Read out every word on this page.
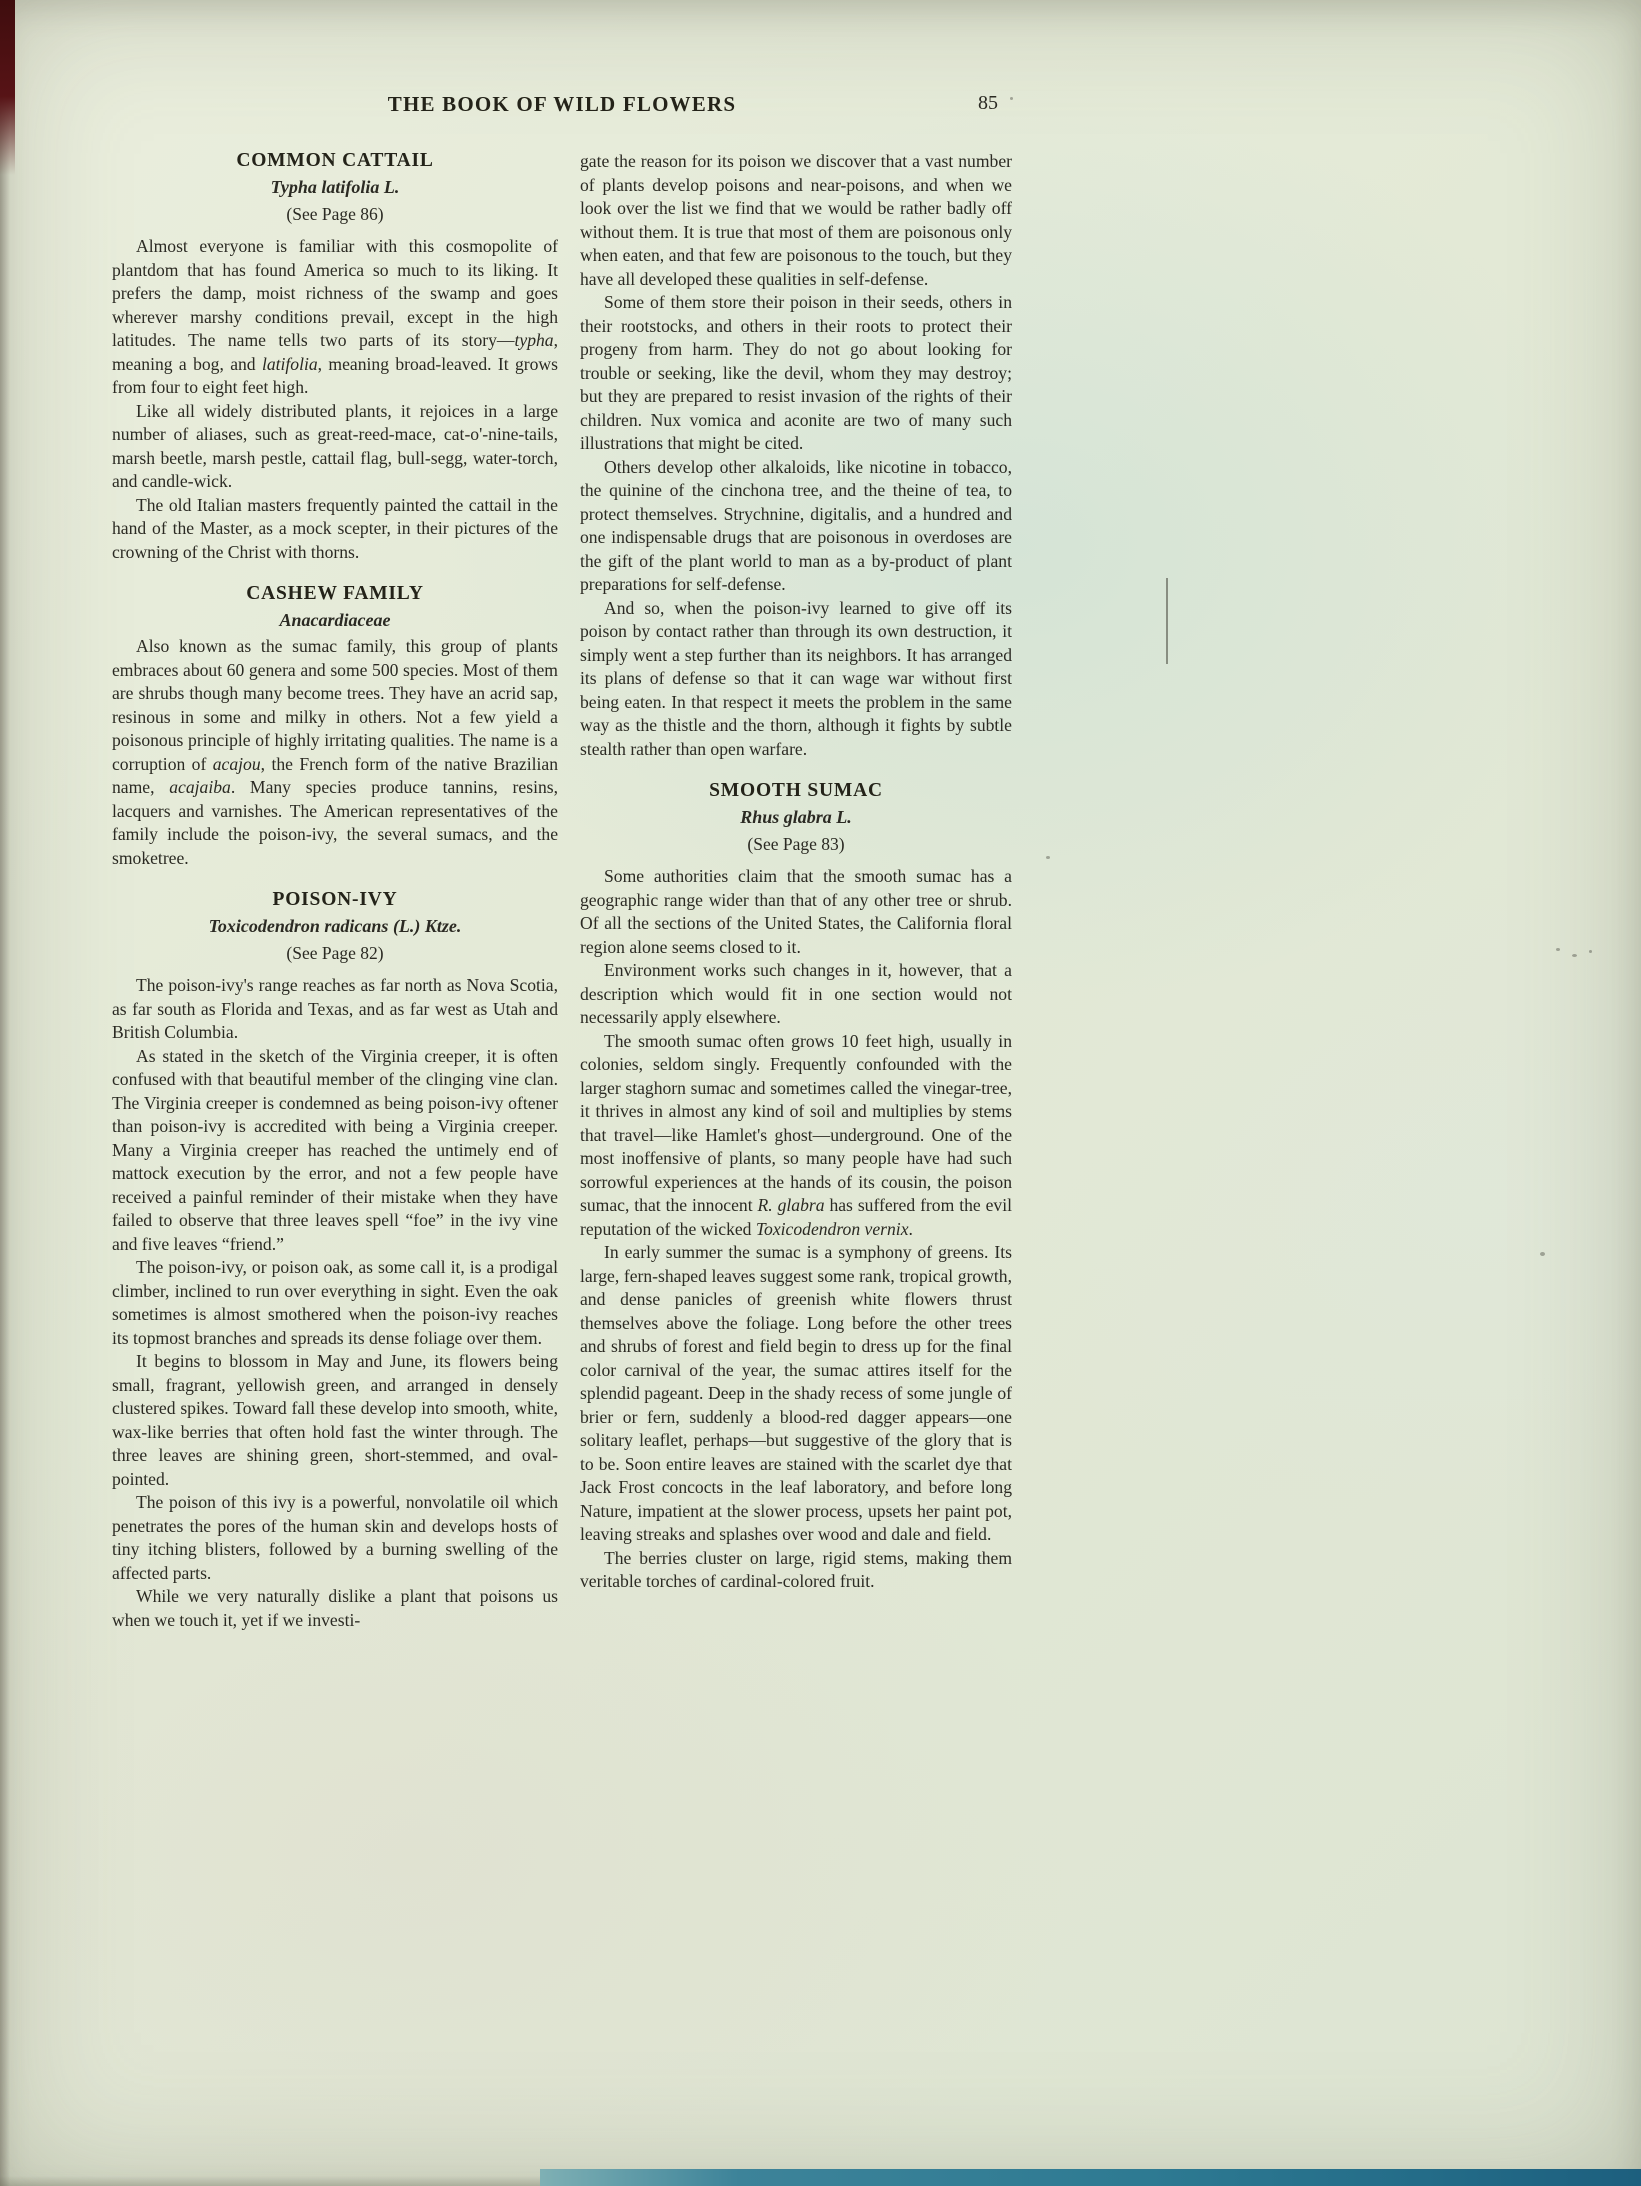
THE BOOK OF WILD FLOWERS	85
COMMON CATTAIL

Typha latifolia L.

(See Page 86)

Almost everyone is familiar with this cosmopolite of plantdom that has found America so much to its liking. It prefers the damp, moist richness of the swamp and goes wherever marshy conditions prevail, except in the high latitudes. The name tells two parts of its story—typha, meaning a bog, and latifolia, meaning broad-leaved. It grows from four to eight feet high.

Like all widely distributed plants, it rejoices in a large number of aliases, such as great-reed-mace, cat-o'-nine-tails, marsh beetle, marsh pestle, cattail flag, bull-segg, water-torch, and candle-wick.

The old Italian masters frequently painted the cattail in the hand of the Master, as a mock scepter, in their pictures of the crowning of the Christ with thorns.

CASHEW FAMILY

Anacardiaceae

Also known as the sumac family, this group of plants embraces about 60 genera and some 500 species. Most of them are shrubs though many become trees. They have an acrid sap, resinous in some and milky in others. Not a few yield a poisonous principle of highly irritating qualities. The name is a corruption of acajou, the French form of the native Brazilian name, acajaiba. Many species produce tannins, resins, lacquers and varnishes. The American representatives of the family include the poison-ivy, the several sumacs, and the smoketree.

POISON-IVY

Toxicodendron radicans (L.) Ktze.

(See Page 82)

The poison-ivy's range reaches as far north as Nova Scotia, as far south as Florida and Texas, and as far west as Utah and British Columbia.

As stated in the sketch of the Virginia creeper, it is often confused with that beautiful member of the clinging vine clan. The Virginia creeper is condemned as being poison-ivy oftener than poison-ivy is accredited with being a Virginia creeper. Many a Virginia creeper has reached the untimely end of mattock execution by the error, and not a few people have received a painful reminder of their mistake when they have failed to observe that three leaves spell “foe” in the ivy vine and five leaves “friend.”

The poison-ivy, or poison oak, as some call it, is a prodigal climber, inclined to run over everything in sight. Even the oak sometimes is almost smothered when the poison-ivy reaches its topmost branches and spreads its dense foliage over them.

It begins to blossom in May and June, its flowers being small, fragrant, yellowish green, and arranged in densely clustered spikes. Toward fall these develop into smooth, white, wax-like berries that often hold fast the winter through. The three leaves are shining green, short-stemmed, and oval-pointed.

The poison of this ivy is a powerful, nonvolatile oil which penetrates the pores of the human skin and develops hosts of tiny itching blisters, followed by a burning swelling of the affected parts.

While we very naturally dislike a plant that poisons us when we touch it, yet if we investi-

gate the reason for its poison we discover that a vast number of plants develop poisons and near-poisons, and when we look over the list we find that we would be rather badly off without them. It is true that most of them are poisonous only when eaten, and that few are poisonous to the touch, but they have all developed these qualities in self-defense.

Some of them store their poison in their seeds, others in their rootstocks, and others in their roots to protect their progeny from harm. They do not go about looking for trouble or seeking, like the devil, whom they may destroy; but they are prepared to resist invasion of the rights of their children. Nux vomica and aconite are two of many such illustrations that might be cited.

Others develop other alkaloids, like nicotine in tobacco, the quinine of the cinchona tree, and the theine of tea, to protect themselves. Strychnine, digitalis, and a hundred and one indispensable drugs that are poisonous in overdoses are the gift of the plant world to man as a by-product of plant preparations for self-defense.

And so, when the poison-ivy learned to give off its poison by contact rather than through its own destruction, it simply went a step further than its neighbors. It has arranged its plans of defense so that it can wage war without first being eaten. In that respect it meets the problem in the same way as the thistle and the thorn, although it fights by subtle stealth rather than open warfare.

SMOOTH SUMAC

Rhus glabra L.

(See Page 83)

Some authorities claim that the smooth sumac has a geographic range wider than that of any other tree or shrub. Of all the sections of the United States, the California floral region alone seems closed to it.

Environment works such changes in it, however, that a description which would fit in one section would not necessarily apply elsewhere.

The smooth sumac often grows 10 feet high, usually in colonies, seldom singly. Frequently confounded with the larger staghorn sumac and sometimes called the vinegar-tree, it thrives in almost any kind of soil and multiplies by stems that travel—like Hamlet's ghost—underground. One of the most inoffensive of plants, so many people have had such sorrowful experiences at the hands of its cousin, the poison sumac, that the innocent R. glabra has suffered from the evil reputation of the wicked Toxicodendron vernix.

In early summer the sumac is a symphony of greens. Its large, fern-shaped leaves suggest some rank, tropical growth, and dense panicles of greenish white flowers thrust themselves above the foliage. Long before the other trees and shrubs of forest and field begin to dress up for the final color carnival of the year, the sumac attires itself for the splendid pageant. Deep in the shady recess of some jungle of brier or fern, suddenly a blood-red dagger appears—one solitary leaflet, perhaps—but suggestive of the glory that is to be. Soon entire leaves are stained with the scarlet dye that Jack Frost concocts in the leaf laboratory, and before long Nature, impatient at the slower process, upsets her paint pot, leaving streaks and splashes over wood and dale and field.

The berries cluster on large, rigid stems, making them veritable torches of cardinal-colored fruit.
